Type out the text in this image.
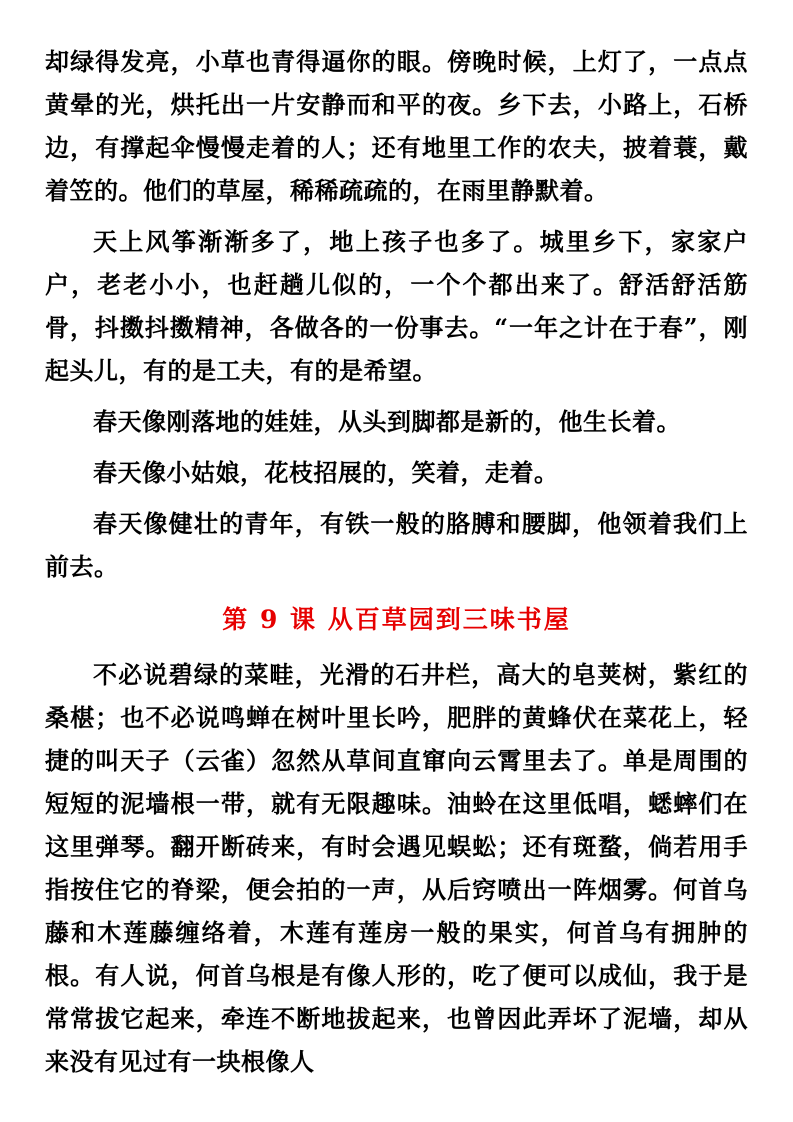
却绿得发亮，小草也青得逼你的眼。傍晚时候，上灯了，一点点黄晕的光，烘托出一片安静而和平的夜。乡下去，小路上，石桥边，有撑起伞慢慢走着的人；还有地里工作的农夫，披着蓑，戴着笠的。他们的草屋，稀稀疏疏的，在雨里静默着。

天上风筝渐渐多了，地上孩子也多了。城里乡下，家家户户，老老小小，也赶趟儿似的，一个个都出来了。舒活舒活筋骨，抖擞抖擞精神，各做各的一份事去。“一年之计在于春”，刚起头儿，有的是工夫，有的是希望。

春天像刚落地的娃娃，从头到脚都是新的，他生长着。

春天像小姑娘，花枝招展的，笑着，走着。

春天像健壮的青年，有铁一般的胳膊和腰脚，他领着我们上前去。

第 9 课 从百草园到三味书屋

不必说碧绿的菜畦，光滑的石井栏，高大的皂荚树，紫红的桑椹；也不必说鸣蝉在树叶里长吟，肥胖的黄蜂伏在菜花上，轻捷的叫天子（云雀）忽然从草间直窜向云霄里去了。单是周围的短短的泥墙根一带，就有无限趣味。油蛉在这里低唱，蟋蟀们在这里弹琴。翻开断砖来，有时会遇见蜈蚣；还有斑蝥，倘若用手指按住它的脊梁，便会拍的一声，从后窍喷出一阵烟雾。何首乌藤和木莲藤缠络着，木莲有莲房一般的果实，何首乌有拥肿的根。有人说，何首乌根是有像人形的，吃了便可以成仙，我于是常常拔它起来，牵连不断地拔起来，也曾因此弄坏了泥墙，却从来没有见过有一块根像人
